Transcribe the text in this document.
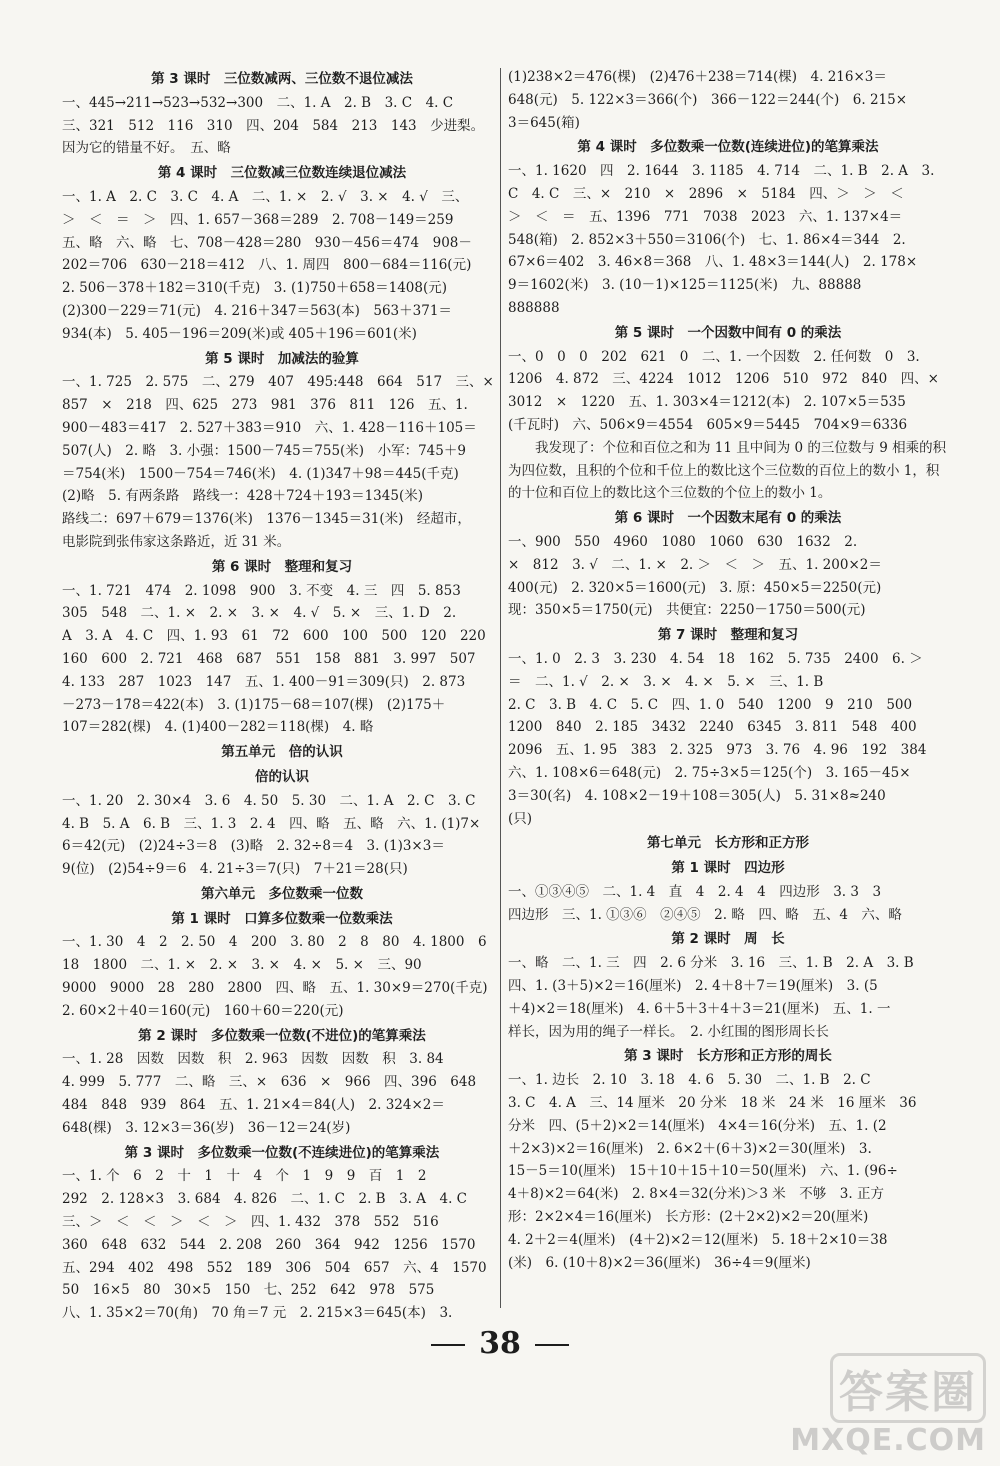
第 3 课时　三位数减两、三位数不退位减法
一、445→211→523→532→300　二、1. A　2. B　3. C　4. C
三、321　512　116　310　四、204　584　213　143　少进梨。
因为它的错量不好。　五、略
第 4 课时　三位数减三位数连续退位减法
一、1. A　2. C　3. C　4. A　二、1. ×　2. √　3. ×　4. √　三、
＞　＜　＝　＞　四、1. 657－368＝289　2. 708－149＝259
五、略　六、略　七、708－428＝280　930－456＝474　908－
202＝706　630－218＝412　八、1. 周四　800－684＝116(元)
2. 506－378＋182＝310(千克)　3. (1)750＋658＝1408(元)
(2)300－229＝71(元)　4. 216＋347＝563(本)　563＋371＝
934(本)　5. 405－196＝209(米)或 405＋196＝601(米)
第 5 课时　加减法的验算
一、1. 725　2. 575　二、279　407　495:448　664　517　三、×
857　×　218　四、625　273　981　376　811　126　五、1.
900－483＝417　2. 527＋383＝910　六、1. 428－116＋105＝
507(人)　2. 略　3. 小强：1500－745＝755(米)　小军：745＋9
＝754(米)　1500－754＝746(米)　4. (1)347＋98＝445(千克)
(2)略　5. 有两条路　路线一：428＋724＋193＝1345(米)
路线二：697＋679＝1376(米)　1376－1345＝31(米)　经超市，
电影院到张伟家这条路近，近 31 米。
第 6 课时　整理和复习
一、1. 721　474　2. 1098　900　3. 不变　4. 三　四　5. 853
305　548　二、1. ×　2. ×　3. ×　4. √　5. ×　三、1. D　2.
A　3. A　4. C　四、1. 93　61　72　600　100　500　120　220
160　600　2. 721　468　687　551　158　881　3. 997　507
4. 133　287　1023　147　五、1. 400－91＝309(只)　2. 873
－273－178＝422(本)　3. (1)175－68＝107(棵)　(2)175＋
107＝282(棵)　4. (1)400－282＝118(棵)　4. 略
第五单元　倍的认识
倍的认识
一、1. 20　2. 30×4　3. 6　4. 50　5. 30　二、1. A　2. C　3. C
4. B　5. A　6. B　三、1. 3　2. 4　四、略　五、略　六、1. (1)7×
6＝42(元)　(2)24÷3＝8　(3)略　2. 32÷8＝4　3. (1)3×3＝
9(位)　(2)54÷9＝6　4. 21÷3＝7(只)　7＋21＝28(只)
第六单元　多位数乘一位数
第 1 课时　口算多位数乘一位数乘法
一、1. 30　4　2　2. 50　4　200　3. 80　2　8　80　4. 1800　6
18　1800　二、1. ×　2. ×　3. ×　4. ×　5. ×　三、90
9000　9000　28　280　2800　四、略　五、1. 30×9＝270(千克)
2. 60×2＋40＝160(元)　160＋60＝220(元)
第 2 课时　多位数乘一位数(不进位)的笔算乘法
一、1. 28　因数　因数　积　2. 963　因数　因数　积　3. 84
4. 999　5. 777　二、略　三、×　636　×　966　四、396　648
484　848　939　864　五、1. 21×4＝84(人)　2. 324×2＝
648(棵)　3. 12×3＝36(岁)　36－12＝24(岁)
第 3 课时　多位数乘一位数(不连续进位)的笔算乘法
一、1. 个　6　2　十　1　十　4　个　1　9　9　百　1　2
292　2. 128×3　3. 684　4. 826　二、1. C　2. B　3. A　4. C
三、＞　＜　＜　＞　＜　＞　四、1. 432　378　552　516
360　648　632　544　2. 208　260　364　942　1256　1570
五、294　402　498　552　189　306　504　657　六、4　1570
50　16×5　80　30×5　150　七、252　642　978　575
八、1. 35×2＝70(角)　70 角＝7 元　2. 215×3＝645(本)　3.
(1)238×2＝476(棵)　(2)476＋238＝714(棵)　4. 216×3＝
648(元)　5. 122×3＝366(个)　366－122＝244(个)　6. 215×
3＝645(箱)
第 4 课时　多位数乘一位数(连续进位)的笔算乘法
一、1. 1620　四　2. 1644　3. 1185　4. 714　二、1. B　2. A　3.
C　4. C　三、×　210　×　2896　×　5184　四、＞　＞　＜
＞　＜　＝　五、1396　771　7038　2023　六、1. 137×4＝
548(箱)　2. 852×3＋550＝3106(个)　七、1. 86×4＝344　2.
67×6＝402　3. 46×8＝368　八、1. 48×3＝144(人)　2. 178×
9＝1602(米)　3. (10－1)×125＝1125(米)　九、88888
888888
第 5 课时　一个因数中间有 0 的乘法
一、0　0　0　202　621　0　二、1. 一个因数　2. 任何数　0　3.
1206　4. 872　三、4224　1012　1206　510　972　840　四、×
3012　×　1220　五、1. 303×4＝1212(本)　2. 107×5＝535
(千瓦时)　六、506×9＝4554　605×9＝5445　704×9＝6336
我发现了：个位和百位之和为 11 且中间为 0 的三位数与 9 相乘的积为四位数，且积的个位和千位上的数比这个三位数的百位上的数小 1，积的十位和百位上的数比这个三位数的个位上的数小 1。
第 6 课时　一个因数末尾有 0 的乘法
一、900　550　4960　1080　1060　630　1632　2.
×　812　3. √　二、1. ×　2. ＞　＜　＞　五、1. 200×2＝
400(元)　2. 320×5＝1600(元)　3. 原：450×5＝2250(元)
现：350×5＝1750(元)　共便宜：2250－1750＝500(元)
第 7 课时　整理和复习
一、1. 0　2. 3　3. 230　4. 54　18　162　5. 735　2400　6. ＞
＝　二、1. √　2. ×　3. ×　4. ×　5. ×　三、1. B
2. C　3. B　4. C　5. C　四、1. 0　540　1200　9　210　500
1200　840　2. 185　3432　2240　6345　3. 811　548　400
2096　五、1. 95　383　2. 325　973　3. 76　4. 96　192　384
六、1. 108×6＝648(元)　2. 75÷3×5＝125(个)　3. 165－45×
3＝30(名)　4. 108×2－19＋108＝305(人)　5. 31×8≈240
(只)
第七单元　长方形和正方形
第 1 课时　四边形
一、①③④⑤　二、1. 4　直　4　2. 4　4　四边形　3. 3　3
四边形　三、1. ①③⑥　②④⑤　2. 略　四、略　五、4　六、略
第 2 课时　周　长
一、略　二、1. 三　四　2. 6 分米　3. 16　三、1. B　2. A　3. B
四、1. (3＋5)×2＝16(厘米)　2. 4＋8＋7＝19(厘米)　3. (5
＋4)×2＝18(厘米)　4. 6＋5＋3＋4＋3＝21(厘米)　五、1. 一
样长，因为用的绳子一样长。　2. 小红围的图形周长长
第 3 课时　长方形和正方形的周长
一、1. 边长　2. 10　3. 18　4. 6　5. 30　二、1. B　2. C
3. C　4. A　三、14 厘米　20 分米　18 米　24 米　16 厘米　36
分米　四、(5＋2)×2＝14(厘米)　4×4＝16(分米)　五、1. (2
＋2×3)×2＝16(厘米)　2. 6×2＋(6＋3)×2＝30(厘米)　3.
15－5＝10(厘米)　15＋10＋15＋10＝50(厘米)　六、1. (96÷
4＋8)×2＝64(米)　2. 8×4＝32(分米)＞3 米　不够　3. 正方
形：2×2×4＝16(厘米)　长方形：(2＋2×2)×2＝20(厘米)
4. 2＋2＝4(厘米)　(4＋2)×2＝12(厘米)　5. 18＋2×10＝38
(米)　6. (10＋8)×2＝36(厘米)　36÷4＝9(厘米)
38
答案圈
MXQE.COM
